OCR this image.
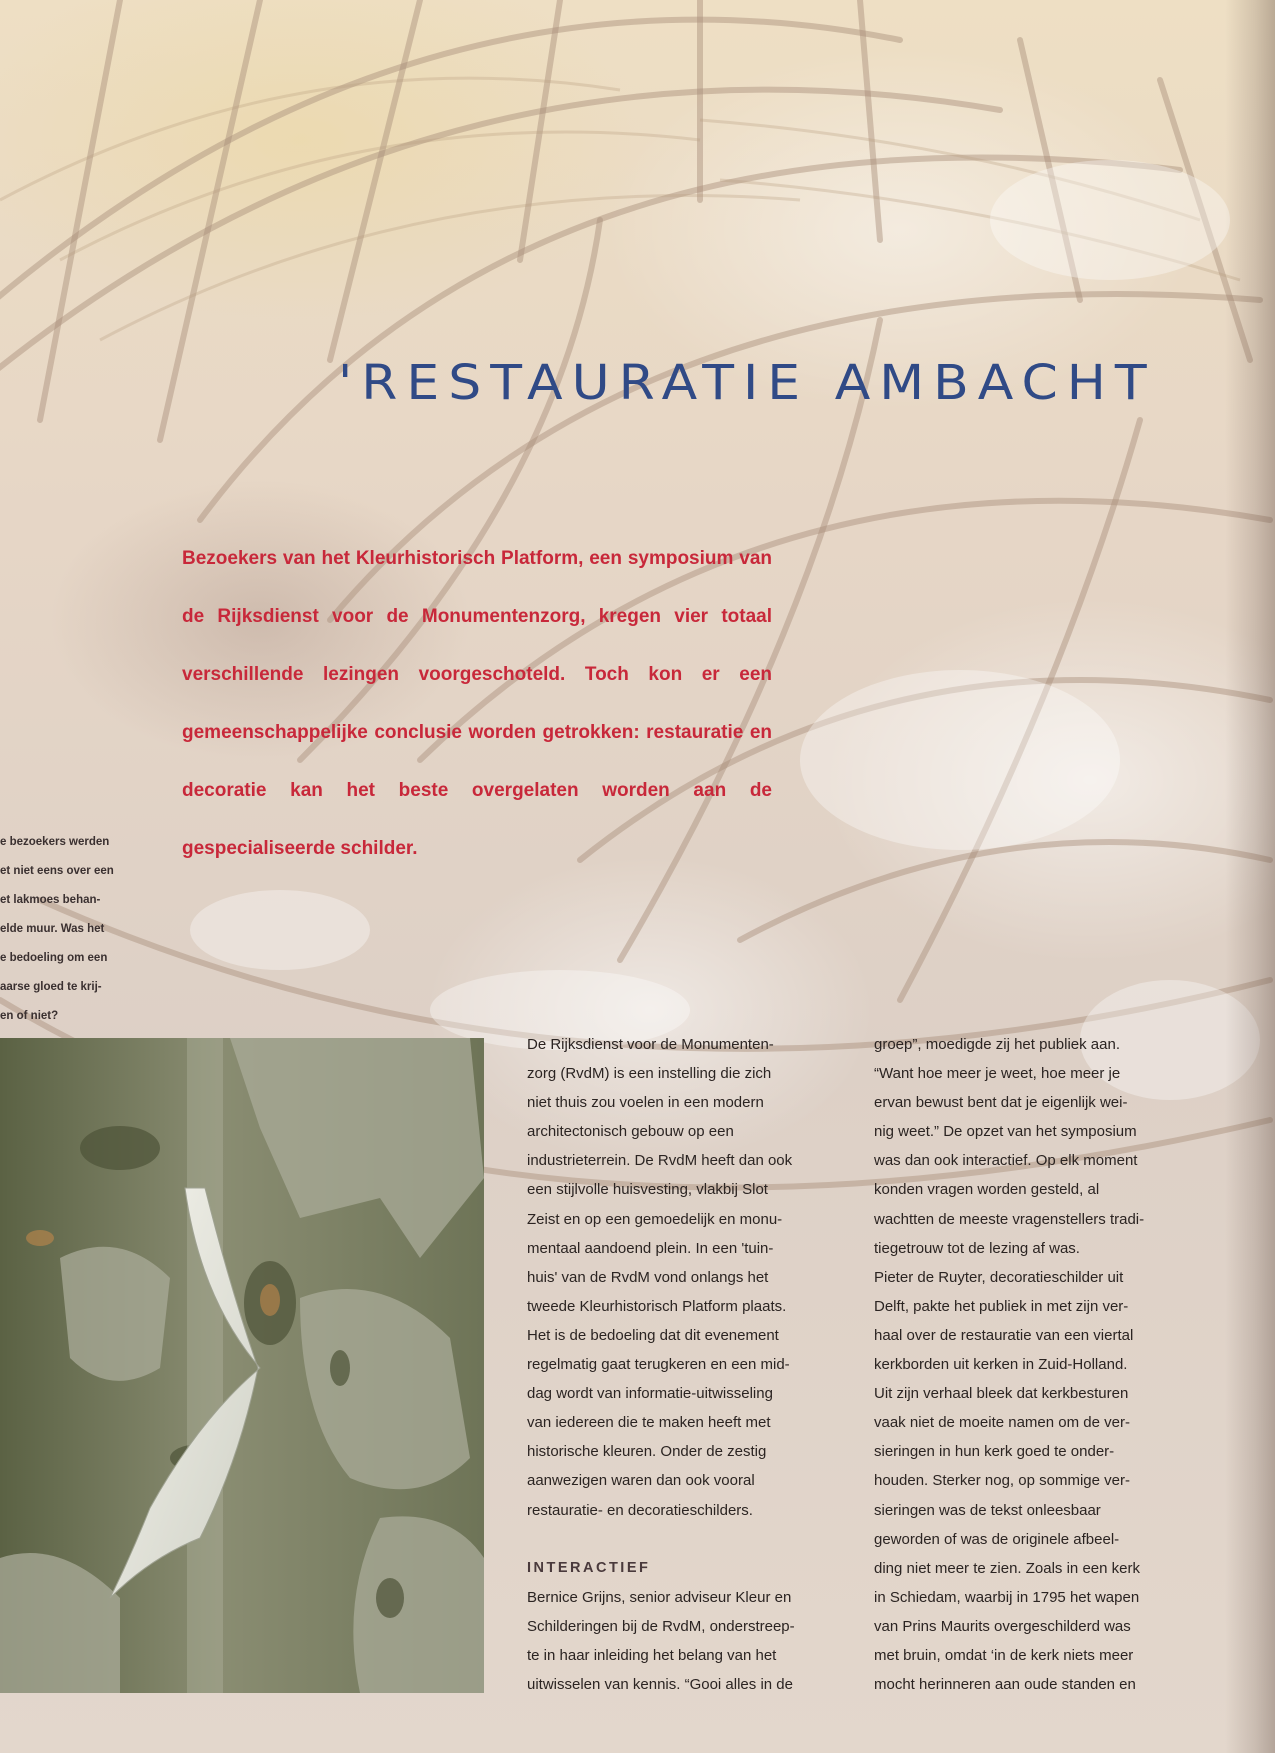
'RESTAURATIE AMBACHT

Bezoekers van het Kleurhistorisch Platform, een symposium van de Rijksdienst voor de Monumentenzorg, kregen vier totaal verschillende lezingen voorgeschoteld. Toch kon er een gemeenschappelijke conclusie worden getrokken: restauratie en decoratie kan het beste overgelaten worden aan de gespecialiseerde schilder.

e bezoekers werden
et niet eens over een
et lakmoes behan-
elde muur. Was het
e bedoeling om een
aarse gloed te krij-
en of niet?
De Rijksdienst voor de Monumenten-
zorg (RvdM) is een instelling die zich
niet thuis zou voelen in een modern
architectonisch gebouw op een
industrieterrein. De RvdM heeft dan ook
een stijlvolle huisvesting, vlakbij Slot
Zeist en op een gemoedelijk en monu-
mentaal aandoend plein. In een 'tuin-
huis' van de RvdM vond onlangs het
tweede Kleurhistorisch Platform plaats.
Het is de bedoeling dat dit evenement
regelmatig gaat terugkeren en een mid-
dag wordt van informatie-uitwisseling
van iedereen die te maken heeft met
historische kleuren. Onder de zestig
aanwezigen waren dan ook vooral
restauratie- en decoratieschilders.
INTERACTIEF
Bernice Grijns, senior adviseur Kleur en
Schilderingen bij de RvdM, onderstreep-
te in haar inleiding het belang van het
uitwisselen van kennis. “Gooi alles in de
groep”, moedigde zij het publiek aan.
“Want hoe meer je weet, hoe meer je
ervan bewust bent dat je eigenlijk wei-
nig weet.” De opzet van het symposium
was dan ook interactief. Op elk moment
konden vragen worden gesteld, al
wachtten de meeste vragenstellers tradi-
tiegetrouw tot de lezing af was.
Pieter de Ruyter, decoratieschilder uit
Delft, pakte het publiek in met zijn ver-
haal over de restauratie van een viertal
kerkborden uit kerken in Zuid-Holland.
Uit zijn verhaal bleek dat kerkbesturen
vaak niet de moeite namen om de ver-
sieringen in hun kerk goed te onder-
houden. Sterker nog, op sommige ver-
sieringen was de tekst onleesbaar
geworden of was de originele afbeel-
ding niet meer te zien. Zoals in een kerk
in Schiedam, waarbij in 1795 het wapen
van Prins Maurits overgeschilderd was
met bruin, omdat ‘in de kerk niets meer
mocht herinneren aan oude standen en
